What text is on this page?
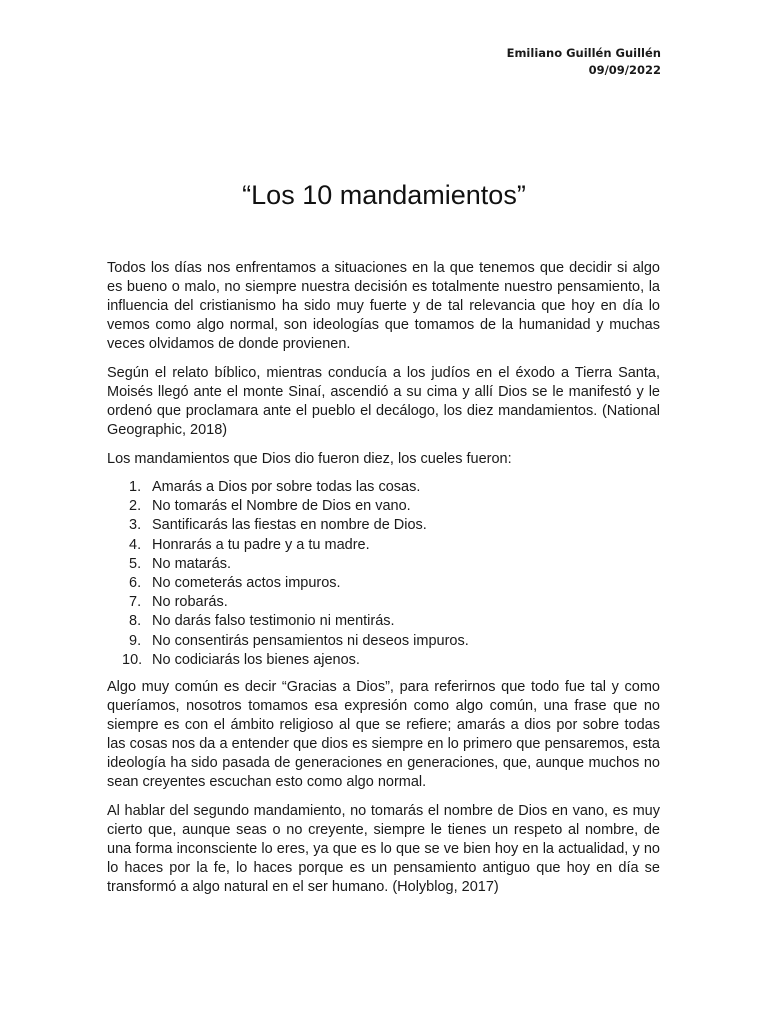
Emiliano Guillén Guillén
09/09/2022
“Los 10 mandamientos”

Todos los días nos enfrentamos a situaciones en la que tenemos que decidir si algo es bueno o malo, no siempre nuestra decisión es totalmente nuestro pensamiento, la influencia del cristianismo ha sido muy fuerte y de tal relevancia que hoy en día lo vemos como algo normal, son ideologías que tomamos de la humanidad y muchas veces olvidamos de donde provienen.

Según el relato bíblico, mientras conducía a los judíos en el éxodo a Tierra Santa, Moisés llegó ante el monte Sinaí, ascendió a su cima y allí Dios se le manifestó y le ordenó que proclamara ante el pueblo el decálogo, los diez mandamientos. (National Geographic, 2018)

Los mandamientos que Dios dio fueron diez, los cueles fueron:

1. Amarás a Dios por sobre todas las cosas.
2. No tomarás el Nombre de Dios en vano.
3. Santificarás las fiestas en nombre de Dios.
4. Honrarás a tu padre y a tu madre.
5. No matarás.
6. No cometerás actos impuros.
7. No robarás.
8. No darás falso testimonio ni mentirás.
9. No consentirás pensamientos ni deseos impuros.
10. No codiciarás los bienes ajenos.

Algo muy común es decir “Gracias a Dios”, para referirnos que todo fue tal y como queríamos, nosotros tomamos esa expresión como algo común, una frase que no siempre es con el ámbito religioso al que se refiere; amarás a dios por sobre todas las cosas nos da a entender que dios es siempre en lo primero que pensaremos, esta ideología ha sido pasada de generaciones en generaciones, que, aunque muchos no sean creyentes escuchan esto como algo normal.

Al hablar del segundo mandamiento, no tomarás el nombre de Dios en vano, es muy cierto que, aunque seas o no creyente, siempre le tienes un respeto al nombre, de una forma inconsciente lo eres, ya que es lo que se ve bien hoy en la actualidad, y no lo haces por la fe, lo haces porque es un pensamiento antiguo que hoy en día se transformó a algo natural en el ser humano. (Holyblog, 2017)
